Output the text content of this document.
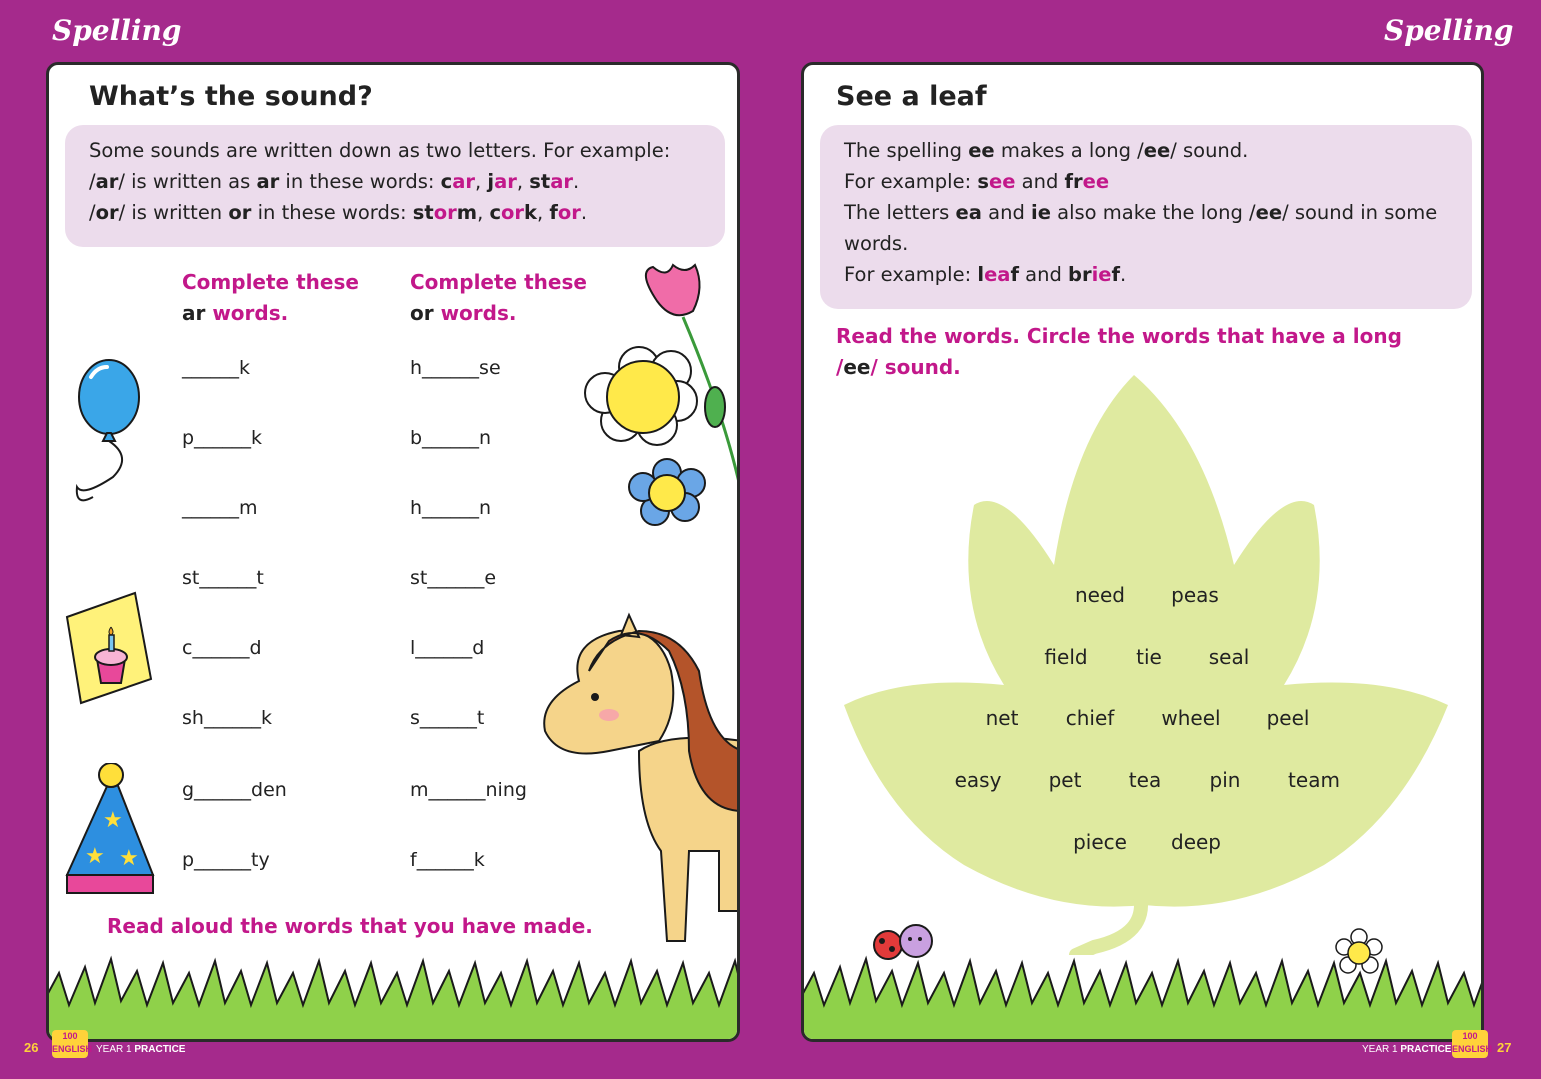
Spelling	Spelling
What’s the sound?
Some sounds are written down as two letters. For example:
/ar/ is written as ar in these words: car, jar, star.
/or/ is written or in these words: storm, cork, for.
Complete these
ar words.
Complete these
or words.
______k
p______k
______m
st______t
c______d
sh______k
g______den
p______ty
h______se
b______n
h______n
st______e
l______d
s______t
m______ning
f______k
★
★ ★
Read aloud the words that you have made.
See a leaf
The spelling ee makes a long /ee/ sound.
For example: see and free
The letters ea and ie also make the long /ee/ sound in some
words.
For example: leaf and brief.
Read the words. Circle the words that have a long
/ee/ sound.
need peas
field tie seal
net chief wheel peel
easy pet tea pin team
piece deep
26
100
ENGLISH YEAR 1 PRACTICE	YEAR 1 PRACTICE
100
ENGLISH 27
